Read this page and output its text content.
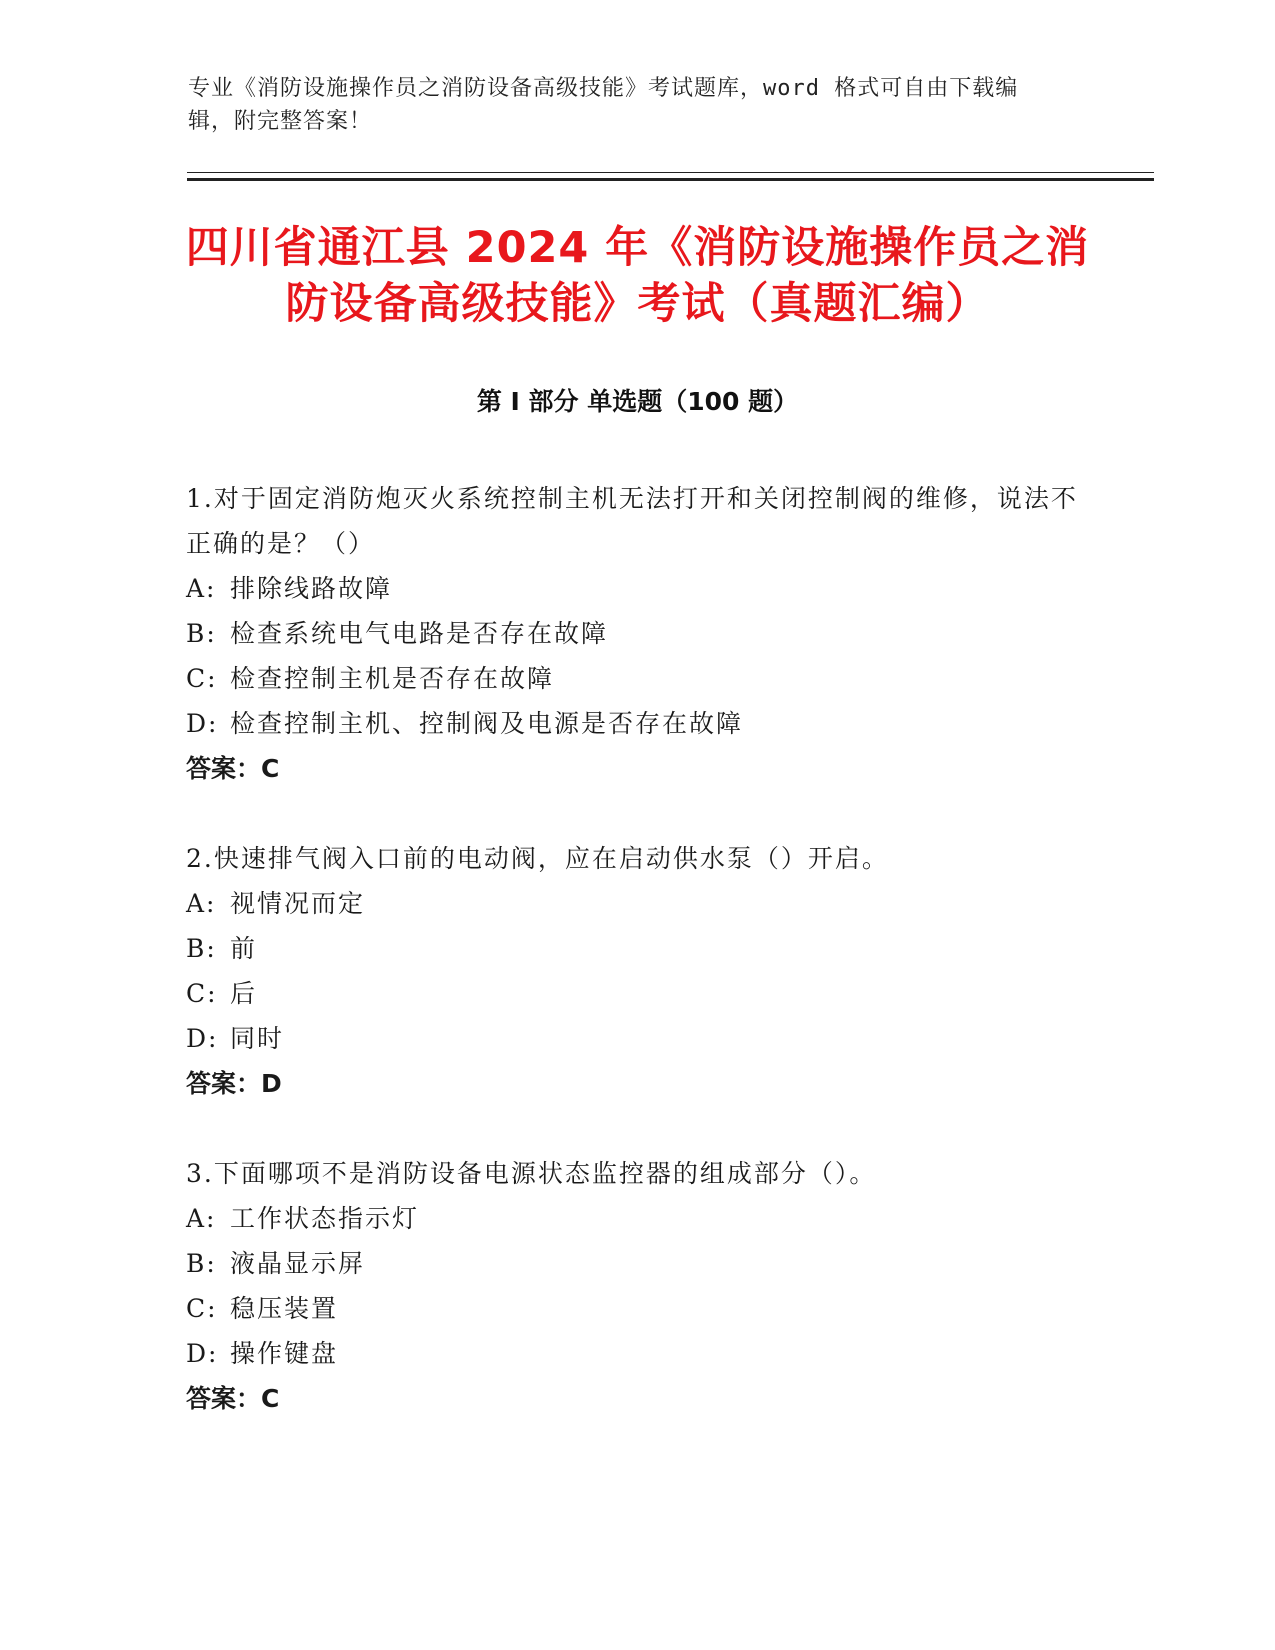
专业《消防设施操作员之消防设备高级技能》考试题库，word 格式可自由下载编
辑，附完整答案！
四川省通江县 2024 年《消防设施操作员之消
防设备高级技能》考试（真题汇编）
第 I 部分 单选题（100 题）

1.对于固定消防炮灭火系统控制主机无法打开和关闭控制阀的维修，说法不正确的是？（）

A: 排除线路故障

B: 检查系统电气电路是否存在故障

C: 检查控制主机是否存在故障

D: 检查控制主机、控制阀及电源是否存在故障

答案：C

2.快速排气阀入口前的电动阀，应在启动供水泵（）开启。

A: 视情况而定

B: 前

C: 后

D: 同时

答案：D

3.下面哪项不是消防设备电源状态监控器的组成部分（）。

A: 工作状态指示灯

B: 液晶显示屏

C: 稳压装置

D: 操作键盘

答案：C
